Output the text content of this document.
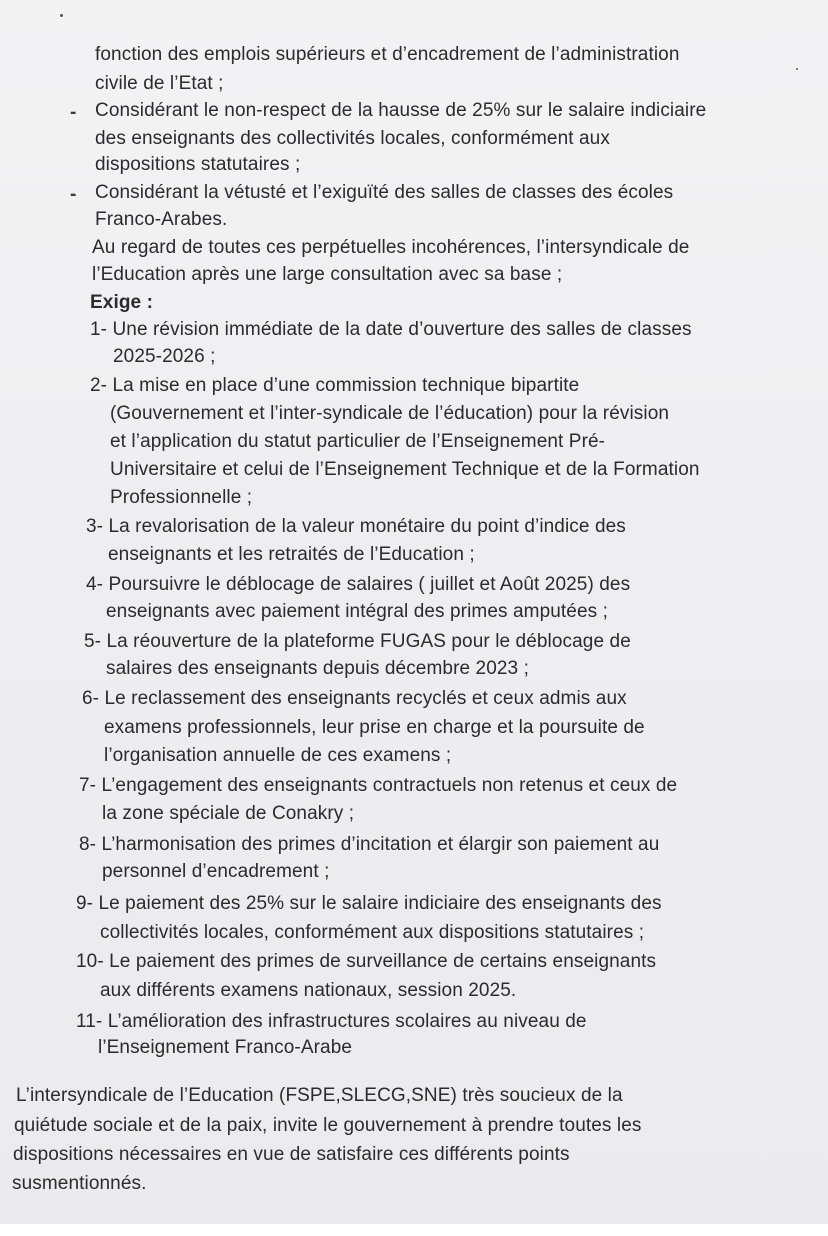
fonction des emplois supérieurs et d’encadrement de l’administration
civile de l’Etat ;
- Considérant le non-respect de la hausse de 25% sur le salaire indiciaire
des enseignants des collectivités locales, conformément aux
dispositions statutaires ;
- Considérant la vétusté et l’exiguïté des salles de classes des écoles
Franco-Arabes.
Au regard de toutes ces perpétuelles incohérences, l’intersyndicale de
l’Education après une large consultation avec sa base ;
Exige :
1- Une révision immédiate de la date d’ouverture des salles de classes
2025-2026 ;
2- La mise en place d’une commission technique bipartite
(Gouvernement et l’inter-syndicale de l’éducation) pour la révision
et l’application du statut particulier de l’Enseignement Pré-
Universitaire et celui de l’Enseignement Technique et de la Formation
Professionnelle ;
3- La revalorisation de la valeur monétaire du point d’indice des
enseignants et les retraités de l’Education ;
4- Poursuivre le déblocage de salaires ( juillet et Août 2025) des
enseignants avec paiement intégral des primes amputées ;
5- La réouverture de la plateforme FUGAS pour le déblocage de
salaires des enseignants depuis décembre 2023 ;
6- Le reclassement des enseignants recyclés et ceux admis aux
examens professionnels, leur prise en charge et la poursuite de
l’organisation annuelle de ces examens ;
7- L’engagement des enseignants contractuels non retenus et ceux de
la zone spéciale de Conakry ;
8- L’harmonisation des primes d’incitation et élargir son paiement au
personnel d’encadrement ;
9- Le paiement des 25% sur le salaire indiciaire des enseignants des
collectivités locales, conformément aux dispositions statutaires ;
10- Le paiement des primes de surveillance de certains enseignants
aux différents examens nationaux, session 2025.
11- L’amélioration des infrastructures scolaires au niveau de
l’Enseignement Franco-Arabe
L’intersyndicale de l’Education (FSPE,SLECG,SNE) très soucieux de la
quiétude sociale et de la paix, invite le gouvernement à prendre toutes les
dispositions nécessaires en vue de satisfaire ces différents points
susmentionnés.
